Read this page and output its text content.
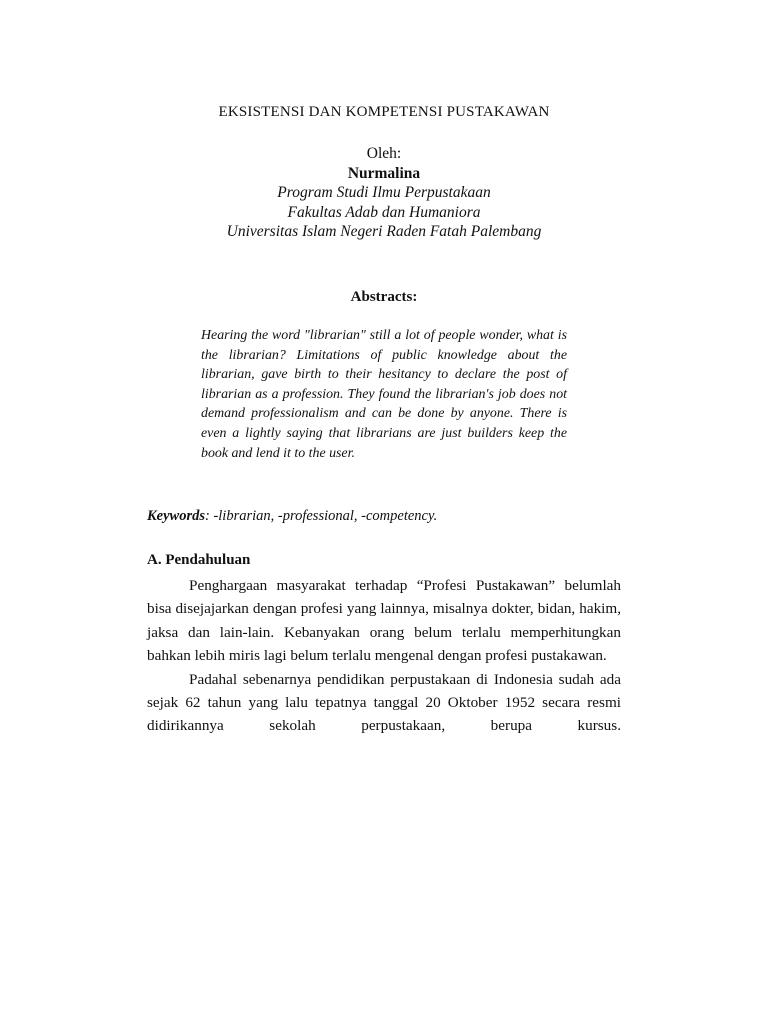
EKSISTENSI DAN KOMPETENSI PUSTAKAWAN
Oleh:
Nurmalina
Program Studi Ilmu Perpustakaan
Fakultas Adab dan Humaniora
Universitas Islam Negeri Raden Fatah Palembang
Abstracts:
Hearing the word "librarian" still a lot of people wonder, what is the librarian? Limitations of public knowledge about the librarian, gave birth to their hesitancy to declare the post of librarian as a profession. They found the librarian's job does not demand professionalism and can be done by anyone. There is even a lightly saying that librarians are just builders keep the book and lend it to the user.
Keywords: -librarian, -professional, -competency.
A. Pendahuluan

Penghargaan masyarakat terhadap “Profesi Pustakawan” belumlah bisa disejajarkan dengan profesi yang lainnya, misalnya dokter, bidan, hakim, jaksa dan lain-lain. Kebanyakan orang belum terlalu memperhitungkan bahkan lebih miris lagi belum terlalu mengenal dengan profesi pustakawan.

Padahal sebenarnya pendidikan perpustakaan di Indonesia sudah ada sejak 62 tahun yang lalu tepatnya tanggal 20 Oktober 1952 secara resmi didirikannya sekolah perpustakaan, berupa kursus.
